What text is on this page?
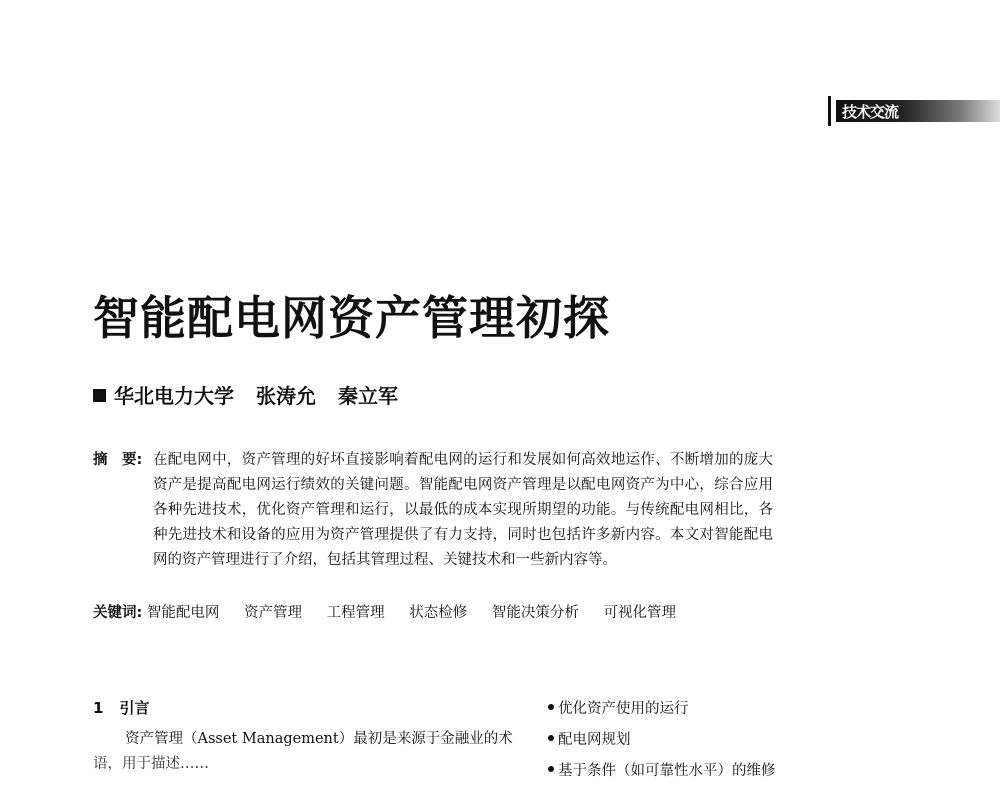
技术交流
智能配电网资产管理初探
华北电力大学 张涛允 秦立军
摘　要: 在配电网中，资产管理的好坏直接影响着配电网的运行和发展如何高效地运作、不断增加的庞大资产是提高配电网运行绩效的关键问题。智能配电网资产管理是以配电网资产为中心，综合应用各种先进技术，优化资产管理和运行，以最低的成本实现所期望的功能。与传统配电网相比，各种先进技术和设备的应用为资产管理提供了有力支持，同时也包括许多新内容。本文对智能配电网的资产管理进行了介绍，包括其管理过程、关键技术和一些新内容等。
关键词: 智能配电网 资产管理 工程管理 状态检修 智能决策分析 可视化管理
1 引言
资产管理（Asset Management）最初是来源于金融业的术
语，用于描述……
优化资产使用的运行
配电网规划
基于条件（如可靠性水平）的维修
